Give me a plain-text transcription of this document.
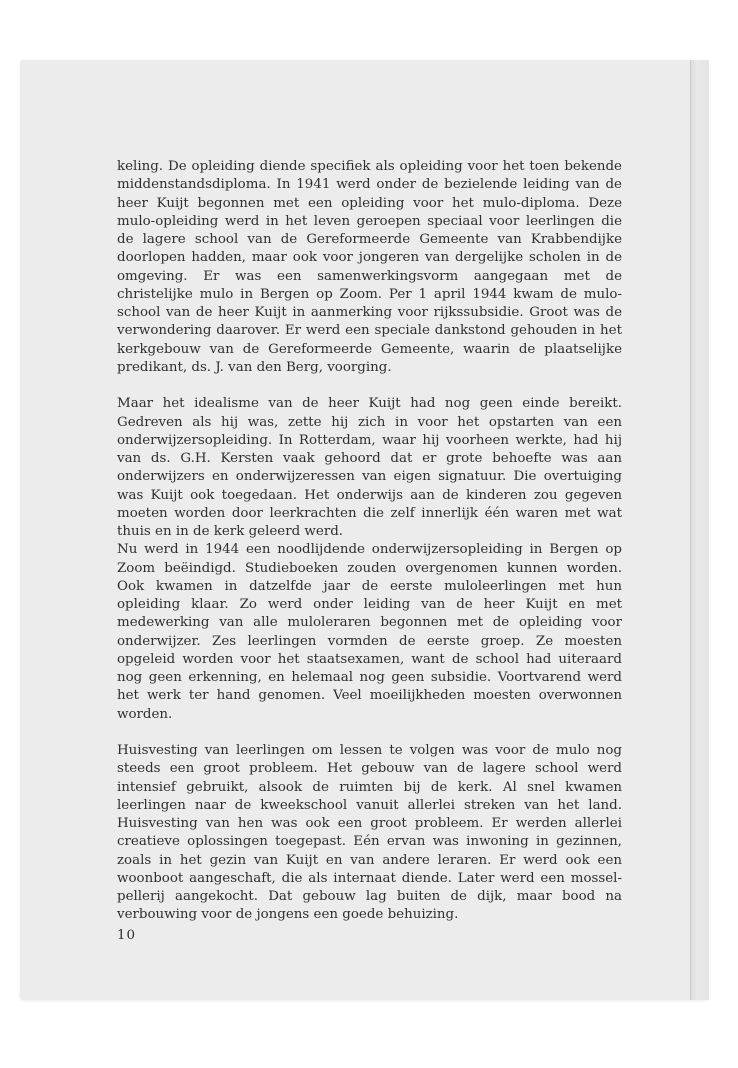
keling. De opleiding diende specifiek als opleiding voor het toen bekende middenstandsdiploma. In 1941 werd onder de bezielende leiding van de heer Kuijt begonnen met een opleiding voor het mulo-diploma. Deze mulo-opleiding werd in het leven geroepen speciaal voor leerlingen die de lagere school van de Gereformeerde Gemeente van Krabbendijke doorlopen hadden, maar ook voor jongeren van dergelijke scholen in de omgeving. Er was een samenwerkingsvorm aangegaan met de christelijke mulo in Bergen op Zoom. Per 1 april 1944 kwam de mulo-school van de heer Kuijt in aanmerking voor rijkssubsidie. Groot was de verwondering daarover. Er werd een speciale dankstond gehouden in het kerkgebouw van de Gereformeerde Gemeente, waarin de plaatselijke predikant, ds. J. van den Berg, voorging.

Maar het idealisme van de heer Kuijt had nog geen einde bereikt. Gedreven als hij was, zette hij zich in voor het opstarten van een onderwijzersopleiding. In Rotterdam, waar hij voorheen werkte, had hij van ds. G.H. Kersten vaak gehoord dat er grote behoefte was aan onderwijzers en onderwijzeressen van eigen signatuur. Die overtuiging was Kuijt ook toegedaan. Het onderwijs aan de kinderen zou gegeven moeten worden door leerkrachten die zelf innerlijk één waren met wat thuis en in de kerk geleerd werd.

Nu werd in 1944 een noodlijdende onderwijzersopleiding in Bergen op Zoom beëindigd. Studieboeken zouden overgenomen kunnen worden. Ook kwamen in datzelfde jaar de eerste muloleerlingen met hun opleiding klaar. Zo werd onder leiding van de heer Kuijt en met medewerking van alle muloleraren begonnen met de opleiding voor onderwijzer. Zes leerlingen vormden de eerste groep. Ze moesten opgeleid worden voor het staatsexamen, want de school had uiteraard nog geen erkenning, en helemaal nog geen subsidie. Voortvarend werd het werk ter hand genomen. Veel moeilijkheden moesten overwonnen worden.

Huisvesting van leerlingen om lessen te volgen was voor de mulo nog steeds een groot probleem. Het gebouw van de lagere school werd intensief gebruikt, alsook de ruimten bij de kerk. Al snel kwamen leerlingen naar de kweekschool vanuit allerlei streken van het land. Huisvesting van hen was ook een groot probleem. Er werden allerlei creatieve oplossingen toegepast. Eén ervan was inwoning in gezinnen, zoals in het gezin van Kuijt en van andere leraren. Er werd ook een woonboot aangeschaft, die als internaat diende. Later werd een mosselpellerij aangekocht. Dat gebouw lag buiten de dijk, maar bood na verbouwing voor de jongens een goede behuizing.

10
